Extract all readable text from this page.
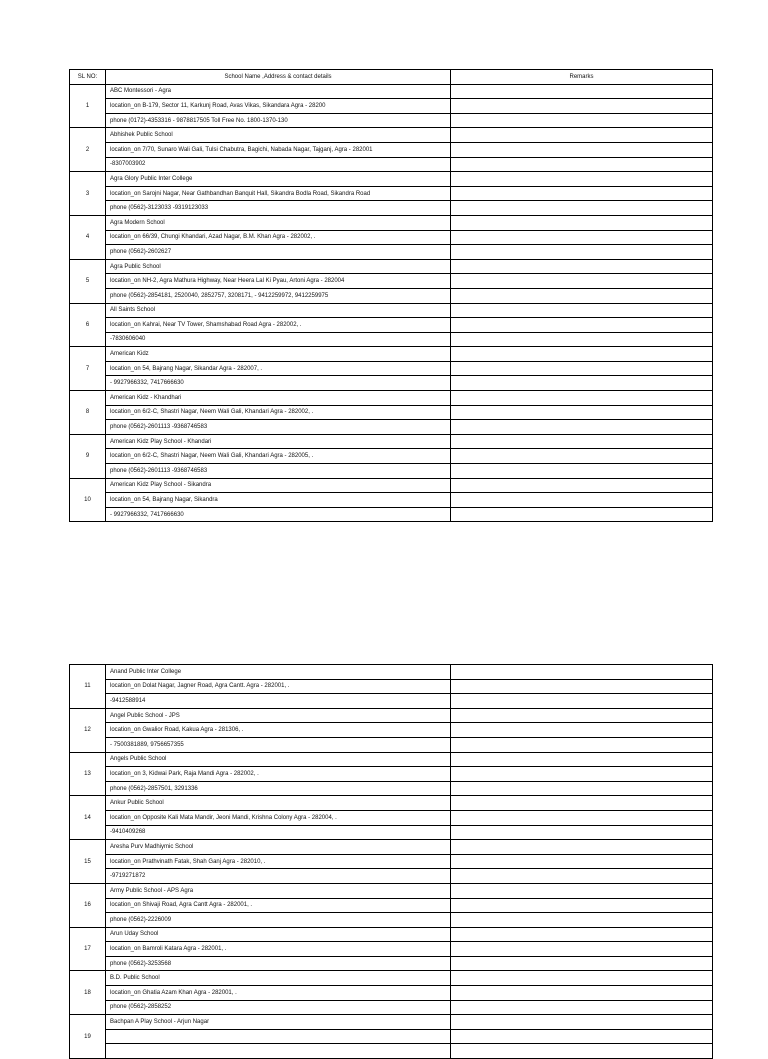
SL NO:	School Name ,Address & contact details	Remarks
1	ABC Montessori - Agra	
	location_on B-179, Sector 11, Karkunj Road, Avas Vikas, Sikandara Agra - 28200	
	phone (0172)-4353316 - 9878817505 Toll Free No. 1800-1370-130	
2	Abhishek Public School	
	location_on 7/70, Sunaro Wali Gali, Tulsi Chabutra, Bagichi, Nabada Nagar, Tajganj, Agra - 282001	
	-8307003902	
3	Agra Glory Public Inter College	
	location_on Sarojni Nagar, Near Gathbandhan Banquit Hall, Sikandra Bodla Road, Sikandra Road	
	phone (0562)-3123033 -9319123033	
4	Agra Modern School	
	location_on 66/39, Chungi Khandari, Azad Nagar, B.M. Khan Agra - 282002, .	
	phone (0562)-2602627	
5	Agra Public School	
	location_on NH-2, Agra Mathura Highway, Near Heera Lal Ki Pyau, Artoni Agra - 282004	
	phone (0562)-2854181, 2520040, 2852757, 3208171, - 9412259972, 9412259975	
6	All Saints School	
	location_on Kahrai, Near TV Tower, Shamshabad Road Agra - 282002, .	
	-7830606040	
7	American Kidz	
	location_on 54, Bajrang Nagar, Sikandar Agra - 282007, .	
	- 9927966332, 7417666630	
8	American Kidz - Khandhari	
	location_on 6/2-C, Shastri Nagar, Neem Wali Gali, Khandari Agra - 282002, .	
	phone (0562)-2601113 -9368746583	
9	American Kidz Play School - Khandari	
	location_on 6/2-C, Shastri Nagar, Neem Wali Gali, Khandari Agra - 282005, .	
	phone (0562)-2601113 -9368746583	
10	American Kidz Play School - Sikandra	
	location_on 54, Bajrang Nagar, Sikandra	
	- 9927966332, 7417666630	
11	Anand Public Inter College	
	location_on Dolat Nagar, Jagner Road, Agra Cantt. Agra - 282001, .	
	-9412588914	
12	Angel Public School - JPS	
	location_on Gwalior Road, Kakua Agra - 281306, .	
	- 7500381889, 9756657355	
13	Angels Public School	
	location_on 3, Kidwai Park, Raja Mandi Agra - 282002, .	
	phone (0562)-2857501, 3291336	
14	Ankur Public School	
	location_on Opposite Kali Mata Mandir, Jeoni Mandi, Krishna Colony Agra - 282004, .	
	-9410409268	
15	Aresha Purv Madhiymic School	
	location_on Prathvinath Fatak, Shah Ganj Agra - 282010, .	
	-9719271872	
16	Army Public School - APS Agra	
	location_on Shivaji Road, Agra Cantt Agra - 282001, .	
	phone (0562)-2226009	
17	Arun Uday School	
	location_on Bamroli Katara Agra - 282001, .	
	phone (0562)-3253568	
18	B.D. Public School	
	location_on Ghatia Azam Khan Agra - 282001, .	
	phone (0562)-2858252	
19	Bachpan A Play School - Arjun Nagar	
